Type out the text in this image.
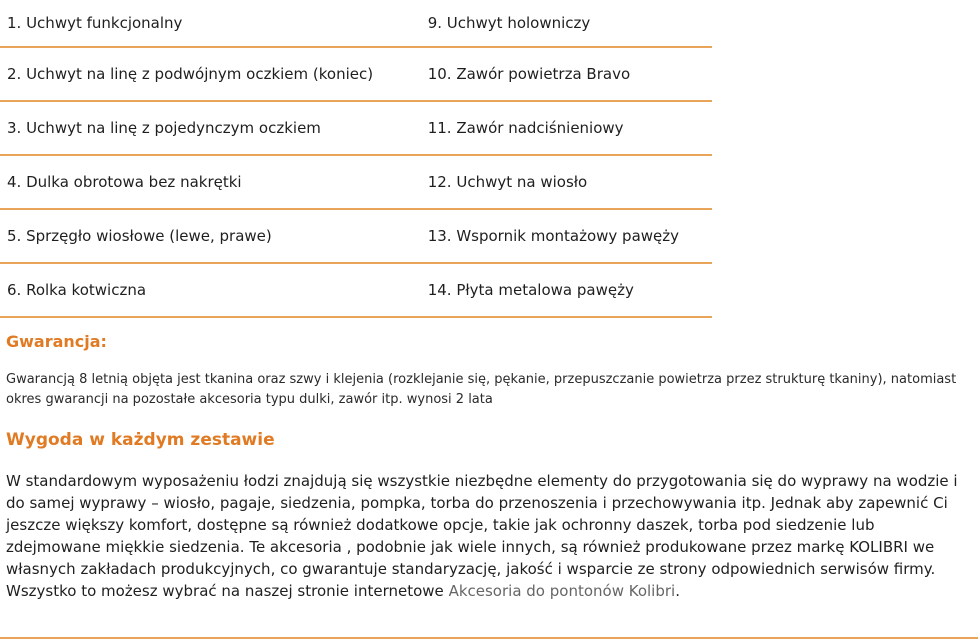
1. Uchwyt funkcjonalny	9. Uchwyt holowniczy
2. Uchwyt na linę z podwójnym oczkiem (koniec)	10. Zawór powietrza Bravo
3. Uchwyt na linę z pojedynczym oczkiem	11. Zawór nadciśnieniowy
4. Dulka obrotowa bez nakrętki	12. Uchwyt na wiosło
5. Sprzęgło wiosłowe (lewe, prawe)	13. Wspornik montażowy pawęży
6. Rolka kotwiczna	14. Płyta metalowa pawęży
Gwarancja:

Gwarancją 8 letnią objęta jest tkanina oraz szwy i klejenia (rozklejanie się, pękanie, przepuszczanie powietrza przez strukturę tkaniny), natomiast okres gwarancji na pozostałe akcesoria typu dulki, zawór itp. wynosi 2 lata

Wygoda w każdym zestawie

W standardowym wyposażeniu łodzi znajdują się wszystkie niezbędne elementy do przygotowania się do wyprawy na wodzie i do samej wyprawy – wiosło, pagaje, siedzenia, pompka, torba do przenoszenia i przechowywania itp. Jednak aby zapewnić Ci jeszcze większy komfort, dostępne są również dodatkowe opcje, takie jak ochronny daszek, torba pod siedzenie lub zdejmowane miękkie siedzenia. Te akcesoria , podobnie jak wiele innych, są również produkowane przez markę KOLIBRI we własnych zakładach produkcyjnych, co gwarantuje standaryzację, jakość i wsparcie ze strony odpowiednich serwisów firmy. Wszystko to możesz wybrać na naszej stronie internetowe Akcesoria do pontonów Kolibri.
